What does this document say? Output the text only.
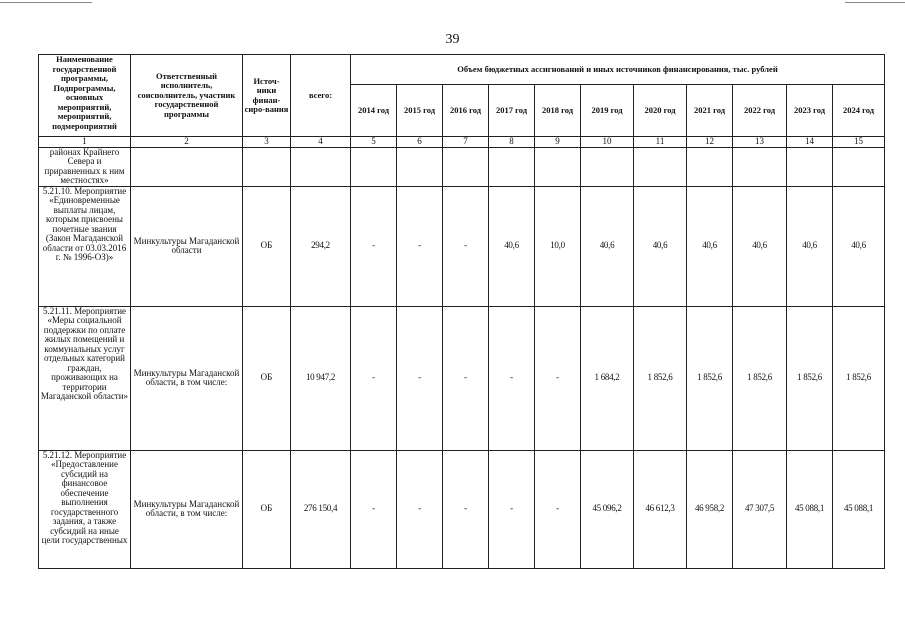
39
Наименование государственной программы, Подпрограммы, основных мероприятий, мероприятий, подмероприятий	Ответственный исполнитель, соисполнитель, участник государственной программы	Источ-ники финан-сиро-вания	всего:	Объем бюджетных ассигнований и иных источников финансирования, тыс. рублей										
				2014 год	2015 год	2016 год	2017 год	2018 год	2019 год	2020 год	2021 год	2022 год	2023 год	2024 год
1	2	3	4	5	6	7	8	9	10	11	12	13	14	15
районах Крайнего Севера и приравненных к ним местностях»														
5.21.10. Мероприятие «Единовременные выплаты лицам, которым присвоены почетные звания (Закон Магаданской области от 03.03.2016 г. № 1996-ОЗ)»	Минкультуры Магаданской области	ОБ	294,2	-	-	-	40,6	10,0	40,6	40,6	40,6	40,6	40,6	40,6
5.21.11. Мероприятие «Меры социальной поддержки по оплате жилых помещений и коммунальных услуг отдельных категорий граждан, проживающих на территории Магаданской области»	Минкультуры Магаданской области, в том числе:	ОБ	10 947,2	-	-	-	-	-	1 684,2	1 852,6	1 852,6	1 852,6	1 852,6	1 852,6
5.21.12. Мероприятие «Предоставление субсидий на финансовое обеспечение выполнения государственного задания, а также субсидий на иные цели государственных	Минкультуры Магаданской области, в том числе:	ОБ	276 150,4	-	-	-	-	-	45 096,2	46 612,3	46 958,2	47 307,5	45 088,1	45 088,1
